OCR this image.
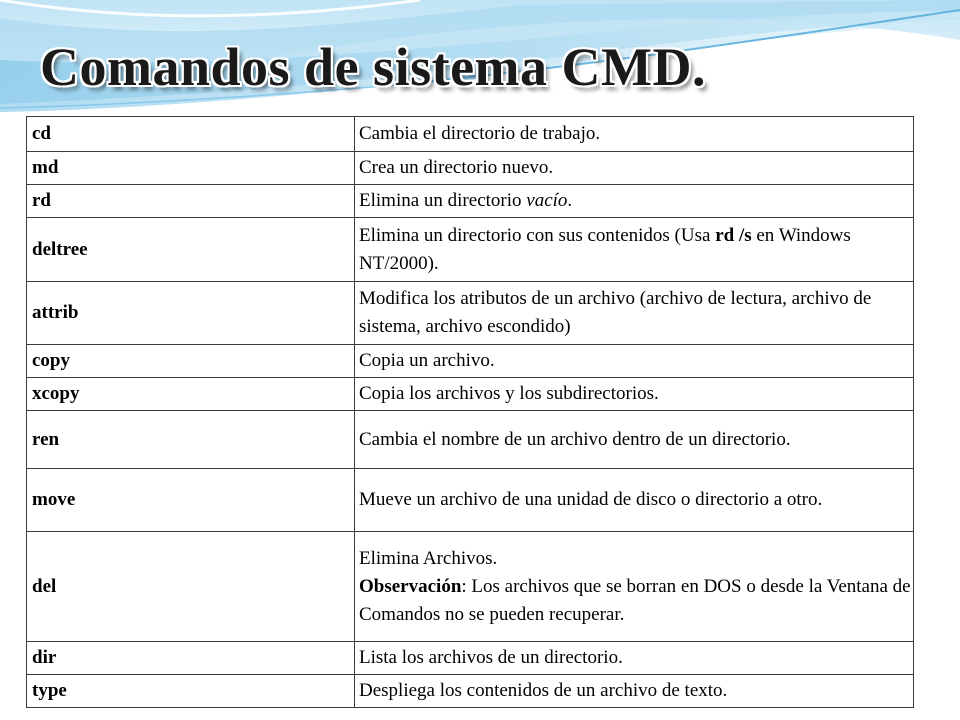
Comandos de sistema CMD.
cd	Cambia el directorio de trabajo.
md	Crea un directorio nuevo.
rd	Elimina un directorio vacío.
deltree	Elimina un directorio con sus contenidos (Usa rd /s en Windows NT/2000).
attrib	Modifica los atributos de un archivo (archivo de lectura, archivo de sistema, archivo escondido)
copy	Copia un archivo.
xcopy	Copia los archivos y los subdirectorios.
ren	Cambia el nombre de un archivo dentro de un directorio.
move	Mueve un archivo de una unidad de disco o directorio a otro.
del	Elimina Archivos.
Observación: Los archivos que se borran en DOS o desde la Ventana de Comandos no se pueden recuperar.
dir	Lista los archivos de un directorio.
type	Despliega los contenidos de un archivo de texto.
